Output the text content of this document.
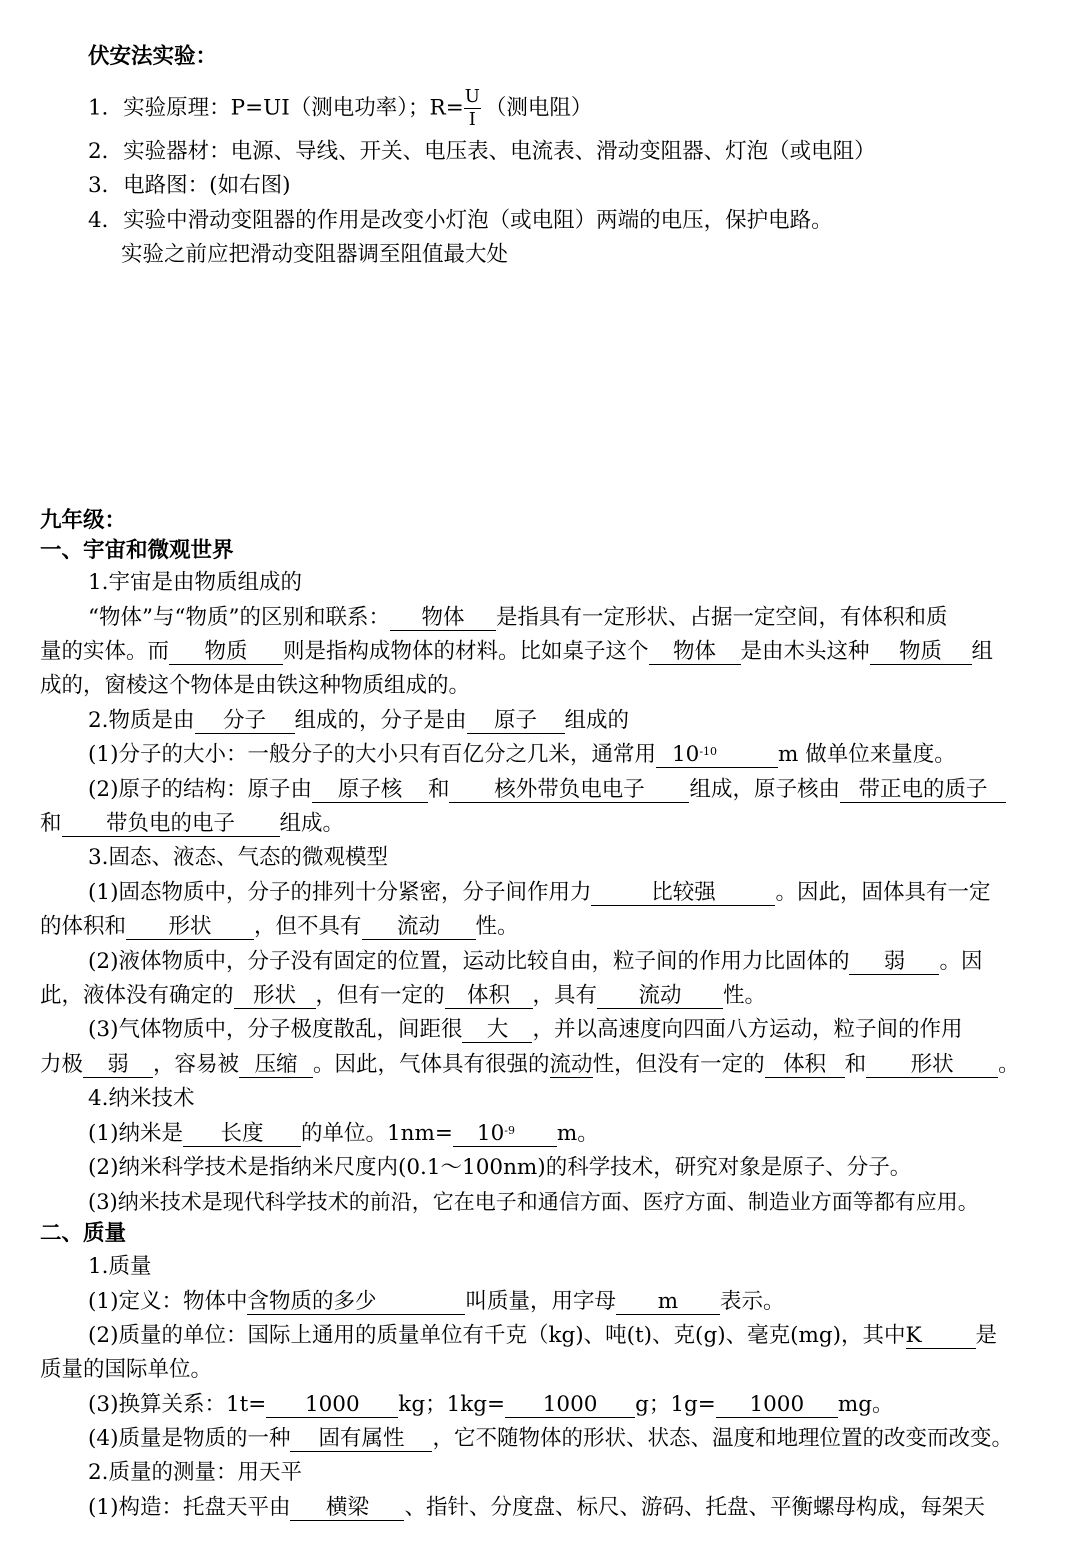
伏安法实验：
1．实验原理：P=UI（测电功率）；$R= \frac{U}{I}$ （测电阻）
2．实验器材：电源、导线、开关、电压表、电流表、滑动变阻器、灯泡（或电阻）
3．电路图：(如右图)
4．实验中滑动变阻器的作用是改变小灯泡（或电阻）两端的电压，保护电路。
实验之前应把滑动变阻器调至阻值最大处
九年级：
一、宇宙和微观世界
1.宇宙是由物质组成的
“物体”与“物质”的区别和联系： 物体 是指具有一定形状、占据一定空间，有体积和质
量的实体。而 物质 则是指构成物体的材料。比如桌子这个 物体 是由木头这种 物质 组
成的，窗棱这个物体是由铁这种物质组成的。
2.物质是由 分子 组成的，分子是由 原子 组成的
(1)分子的大小：一般分子的大小只有百亿分之几米，通常用 $10^{-10}$	m 做单位来量度。
(2)原子的结构：原子由 原子核 和 核外带负电电子 组成，原子核由 带正电的质子
和 带负电的电子 组成。
3.固态、液态、气态的微观模型
(1)固态物质中，分子的排列十分紧密，分子间作用力	比较强	。因此，固体具有一定
的体积和 形状 ，但不具有 流动 性。
(2)液体物质中，分子没有固定的位置，运动比较自由，粒子间的作用力比固体的 弱 。因
此，液体没有确定的 形状 ，但有一定的 体积 ，具有 流动 性。
(3)气体物质中，分子极度散乱，间距很 大 ，并以高速度向四面八方运动，粒子间的作用
力极 弱 ，容易被 压缩 。因此，气体具有很强的流动性，但没有一定的 体积 和 形状 。
4.纳米技术
(1)纳米是 长度 的单位。$1nm= 10^{-9}$ m。
(2)纳米科学技术是指纳米尺度内(0.1～100nm)的科学技术，研究对象是原子、分子。
(3)纳米技术是现代科学技术的前沿，它在电子和通信方面、医疗方面、制造业方面等都有应用。
二、质量
1.质量
(1)定义：物体中含物质的多少	叫质量，用字母 m 表示。
(2)质量的单位：国际上通用的质量单位有千克（kg)、吨(t)、克(g)、毫克(mg)，其中K	是
质量的国际单位。
(3)换算关系：1t= 1000 kg；1kg= 1000 g；1g= 1000 mg。
(4)质量是物质的一种 固有属性 ，它不随物体的形状、状态、温度和地理位置的改变而改变。
2.质量的测量：用天平
(1)构造：托盘天平由 横梁 、指针、分度盘、标尺、游码、托盘、平衡螺母构成，每架天
